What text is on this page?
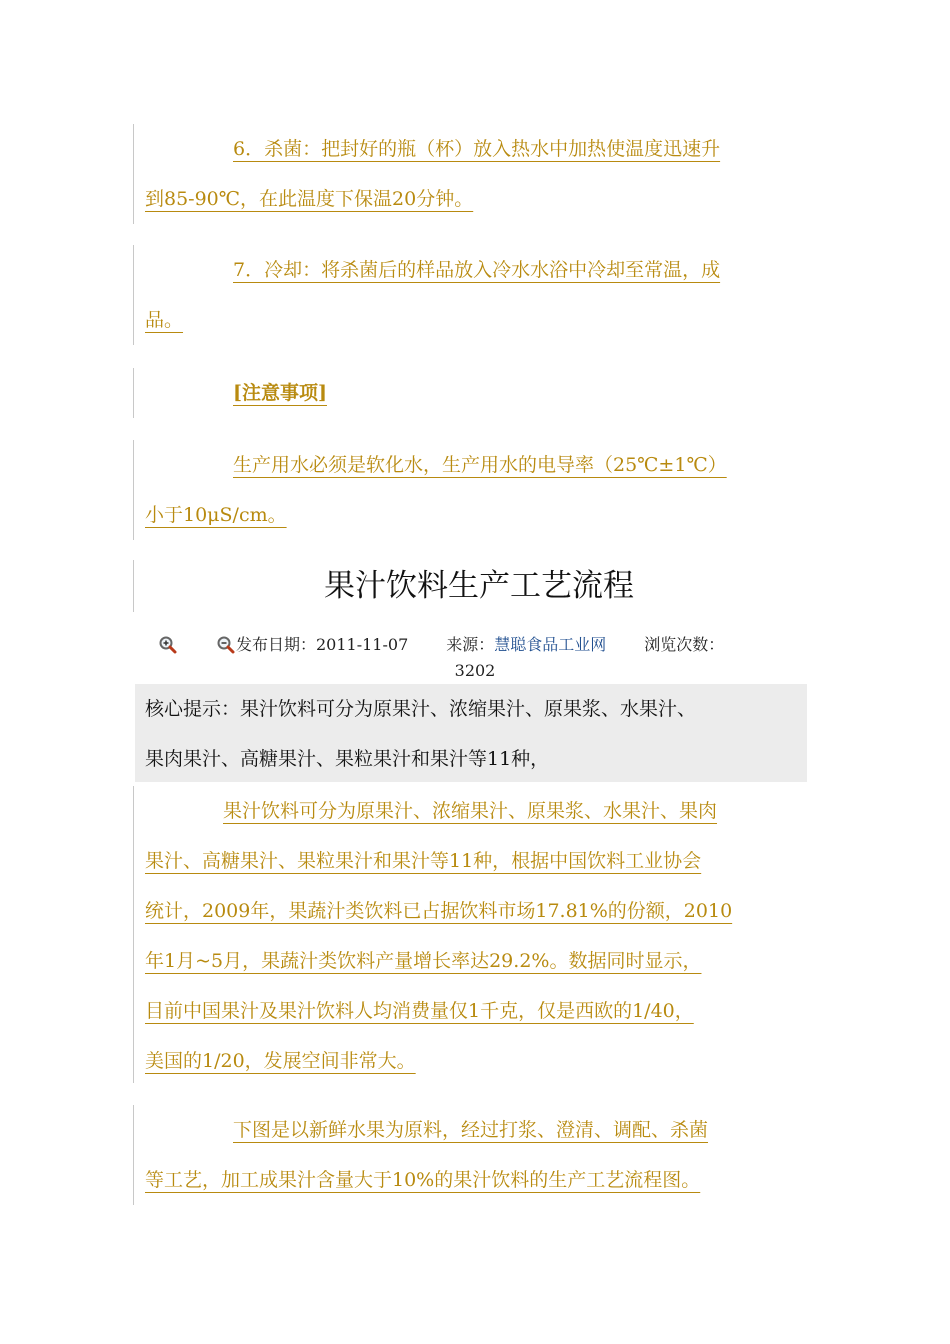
6．杀菌：把封好的瓶（杯）放入热水中加热使温度迅速升
到85-90℃，在此温度下保温20分钟。

7．冷却：将杀菌后的样品放入冷水水浴中冷却至常温，成
品。

[注意事项]

生产用水必须是软化水，生产用水的电导率（25℃±1℃）
小于10μS/cm。

果汁饮料生产工艺流程
发布日期：2011-11-07 来源： 慧聪食品工业网 浏览次数：
3202
核心提示：果汁饮料可分为原果汁、浓缩果汁、原果浆、水果汁、
果肉果汁、高糖果汁、果粒果汁和果汁等11种，

果汁饮料可分为原果汁、浓缩果汁、原果浆、水果汁、果肉
果汁、高糖果汁、果粒果汁和果汁等11种，根据中国饮料工业协会
统计，2009年，果蔬汁类饮料已占据饮料市场17.81%的份额，2010
年1月~5月，果蔬汁类饮料产量增长率达29.2%。数据同时显示，
目前中国果汁及果汁饮料人均消费量仅1千克，仅是西欧的1/40，
美国的1/20，发展空间非常大。

下图是以新鲜水果为原料，经过打浆、澄清、调配、杀菌
等工艺，加工成果汁含量大于10%的果汁饮料的生产工艺流程图。
